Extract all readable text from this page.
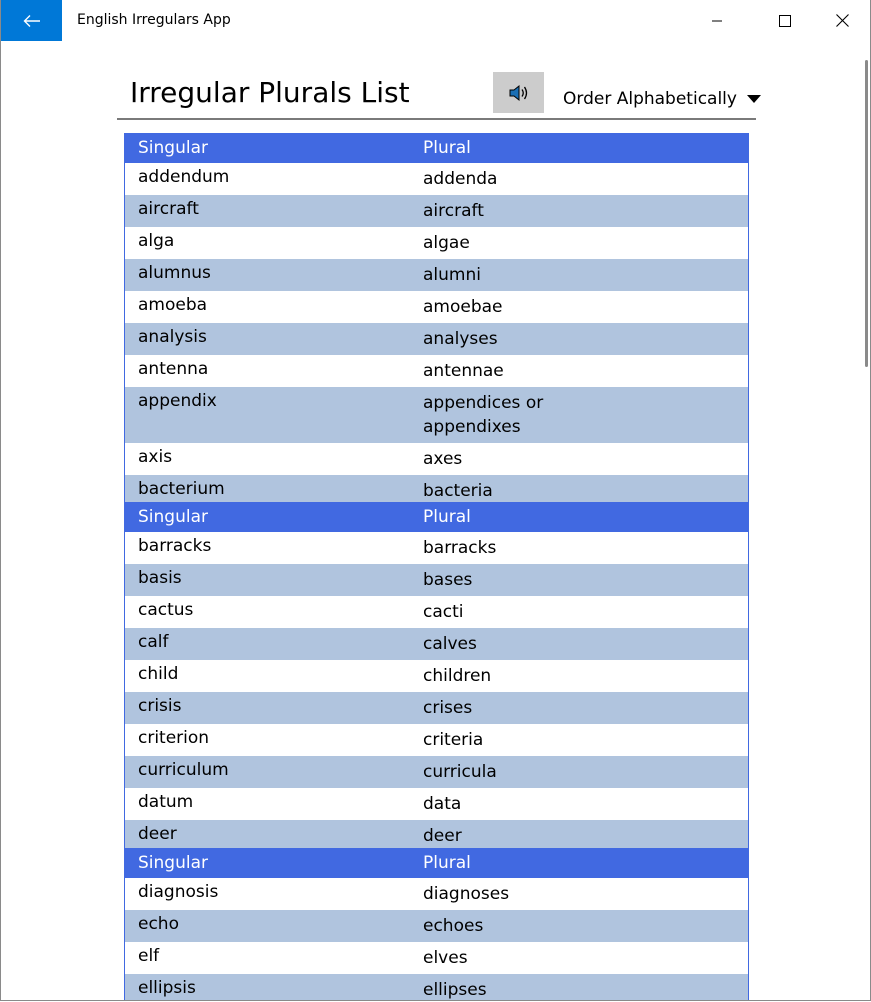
English Irregulars App
Irregular Plurals List	Order Alphabetically
Singular	Plural
addendum	addenda
aircraft	aircraft
alga	algae
alumnus	alumni
amoeba	amoebae
analysis	analyses
antenna	antennae
appendix	appendices or appendixes
axis	axes
bacterium	bacteria
Singular	Plural
barracks	barracks
basis	bases
cactus	cacti
calf	calves
child	children
crisis	crises
criterion	criteria
curriculum	curricula
datum	data
deer	deer
Singular	Plural
diagnosis	diagnoses
echo	echoes
elf	elves
ellipsis	ellipses
